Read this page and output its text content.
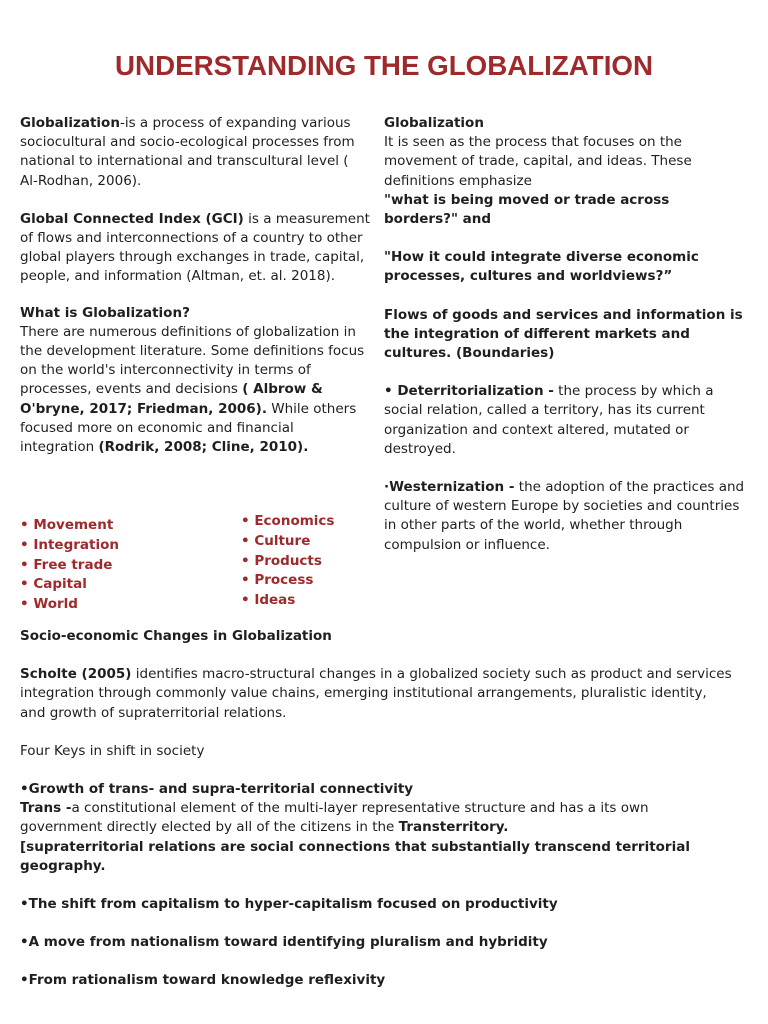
UNDERSTANDING THE GLOBALIZATION

Globalization-is a process of expanding various sociocultural and socio-ecological processes from national to international and transcultural level ( Al-Rodhan, 2006).

Global Connected Index (GCI) is a measurement of flows and interconnections of a country to other global players through exchanges in trade, capital, people, and information (Altman, et. al. 2018).

What is Globalization?
There are numerous definitions of globalization in the development literature. Some definitions focus on the world's interconnectivity in terms of processes, events and decisions ( Albrow & O'bryne, 2017; Friedman, 2006). While others focused more on economic and financial integration (Rodrik, 2008; Cline, 2010).

• Movement
• Integration
• Free trade
• Capital
• World
• Economics
• Culture
• Products
• Process
• Ideas

Globalization
It is seen as the process that focuses on the movement of trade, capital, and ideas. These definitions emphasize
"what is being moved or trade across borders?" and

"How it could integrate diverse economic processes, cultures and worldviews?”

Flows of goods and services and information is the integration of different markets and cultures. (Boundaries)

• Deterritorialization - the process by which a social relation, called a territory, has its current organization and context altered, mutated or destroyed.

·Westernization - the adoption of the practices and culture of western Europe by societies and countries in other parts of the world, whether through compulsion or influence.

Socio-economic Changes in Globalization

Scholte (2005) identifies macro-structural changes in a globalized society such as product and services integration through commonly value chains, emerging institutional arrangements, pluralistic identity, and growth of supraterritorial relations.

Four Keys in shift in society

•Growth of trans- and supra-territorial connectivity
Trans -a constitutional element of the multi-layer representative structure and has a its own government directly elected by all of the citizens in the Transterritory.
[supraterritorial relations are social connections that substantially transcend territorial geography.

•The shift from capitalism to hyper-capitalism focused on productivity

•A move from nationalism toward identifying pluralism and hybridity

•From rationalism toward knowledge reflexivity
